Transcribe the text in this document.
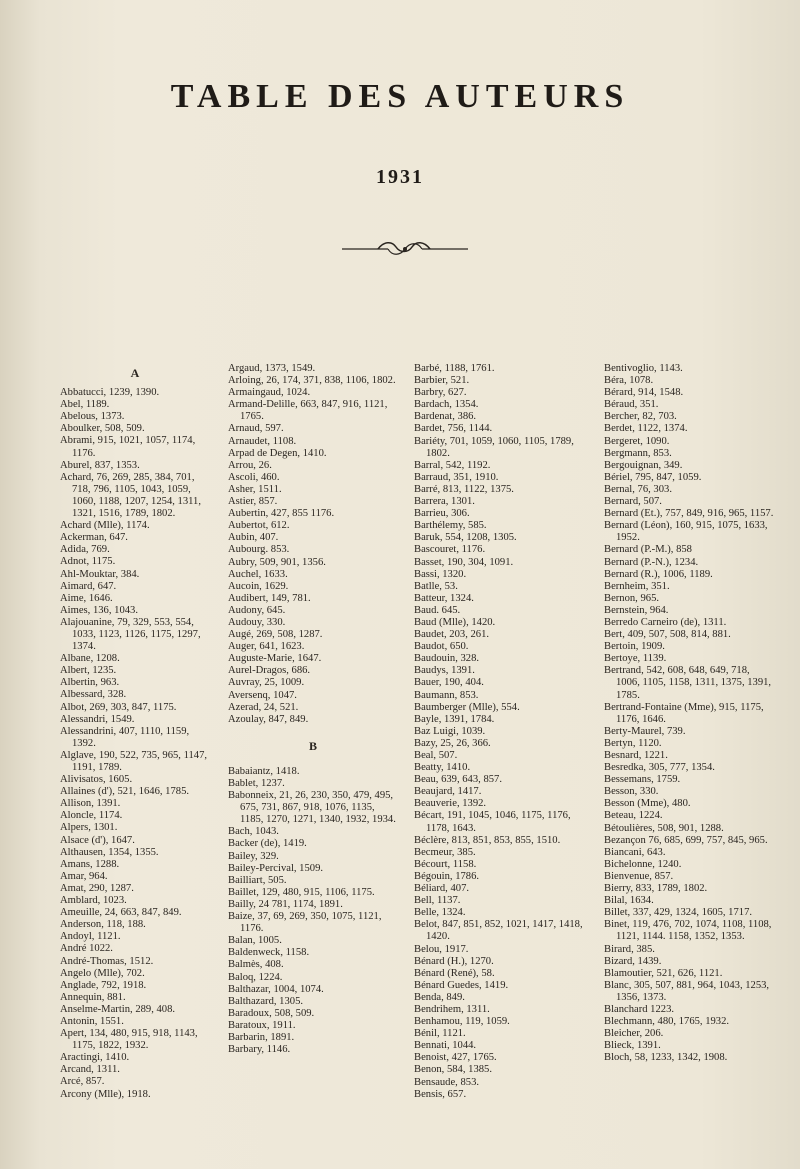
TABLE DES AUTEURS
1931
A
Abbatucci, 1239, 1390.
Abel, 1189.
Abelous, 1373.
Aboulker, 508, 509.
Abrami, 915, 1021, 1057, 1174, 1176.
Aburel, 837, 1353.
Achard, 76, 269, 285, 384, 701, 718, 796, 1105, 1043, 1059, 1060, 1188, 1207, 1254, 1311, 1321, 1516, 1789, 1802.
Achard (Mlle), 1174.
Ackerman, 647.
Adida, 769.
Adnot, 1175.
Ahl-Mouktar, 384.
Aimard, 647.
Aime, 1646.
Aimes, 136, 1043.
Alajouanine, 79, 329, 553, 554, 1033, 1123, 1126, 1175, 1297, 1374.
Albane, 1208.
Albert, 1235.
Albertin, 963.
Albessard, 328.
Albot, 269, 303, 847, 1175.
Alessandri, 1549.
Alessandrini, 407, 1110, 1159, 1392.
Alglave, 190, 522, 735, 965, 1147, 1191, 1789.
Alivisatos, 1605.
Allaines (d'), 521, 1646, 1785.
Allison, 1391.
Aloncle, 1174.
Alpers, 1301.
Alsace (d'), 1647.
Althausen, 1354, 1355.
Amans, 1288.
Amar, 964.
Amat, 290, 1287.
Amblard, 1023.
Ameuille, 24, 663, 847, 849.
Anderson, 118, 188.
Andoyl, 1121.
André 1022.
André-Thomas, 1512.
Angelo (Mlle), 702.
Anglade, 792, 1918.
Annequin, 881.
Anselme-Martin, 289, 408.
Antonin, 1551.
Apert, 134, 480, 915, 918, 1143, 1175, 1822, 1932.
Aractingi, 1410.
Arcand, 1311.
Arcé, 857.
Arcony (Mlle), 1918.
Argaud, 1373, 1549.
Arloing, 26, 174, 371, 838, 1106, 1802.
Armaingaud, 1024.
Armand-Delille, 663, 847, 916, 1121, 1765.
Arnaud, 597.
Arnaudet, 1108.
Arpad de Degen, 1410.
Arrou, 26.
Ascoli, 460.
Asher, 1511.
Astier, 857.
Aubertin, 427, 855 1176.
Aubertot, 612.
Aubin, 407.
Aubourg. 853.
Aubry, 509, 901, 1356.
Auchel, 1633.
Aucoin, 1629.
Audibert, 149, 781.
Audony, 645.
Audouy, 330.
Augé, 269, 508, 1287.
Auger, 641, 1623.
Auguste-Marie, 1647.
Aurel-Dragos, 686.
Auvray, 25, 1009.
Aversenq, 1047.
Azerad, 24, 521.
Azoulay, 847, 849.
B
Babaiantz, 1418.
Bablet, 1237.
Babonneix, 21, 26, 230, 350, 479, 495, 675, 731, 867, 918, 1076, 1135, 1185, 1270, 1271, 1340, 1932, 1934.
Bach, 1043.
Backer (de), 1419.
Bailey, 329.
Bailey-Percival, 1509.
Bailliart, 505.
Baillet, 129, 480, 915, 1106, 1175.
Bailly, 24 781, 1174, 1891.
Baize, 37, 69, 269, 350, 1075, 1121, 1176.
Balan, 1005.
Baldenweck, 1158.
Balmès, 408.
Baloq, 1224.
Balthazar, 1004, 1074.
Balthazard, 1305.
Baradoux, 508, 509.
Baratoux, 1911.
Barbarin, 1891.
Barbary, 1146.
Barbé, 1188, 1761.
Barbier, 521.
Barbry, 627.
Bardach, 1354.
Bardenat, 386.
Bardet, 756, 1144.
Bariéty, 701, 1059, 1060, 1105, 1789, 1802.
Barral, 542, 1192.
Barraud, 351, 1910.
Barré, 813, 1122, 1375.
Barrera, 1301.
Barrieu, 306.
Barthélemy, 585.
Baruk, 554, 1208, 1305.
Bascouret, 1176.
Basset, 190, 304, 1091.
Bassi, 1320.
Batlle, 53.
Batteur, 1324.
Baud. 645.
Baud (Mlle), 1420.
Baudet, 203, 261.
Baudot, 650.
Baudouin, 328.
Baudys, 1391.
Bauer, 190, 404.
Baumann, 853.
Baumberger (Mlle), 554.
Bayle, 1391, 1784.
Baz Luigi, 1039.
Bazy, 25, 26, 366.
Beal, 507.
Beatty, 1410.
Beau, 639, 643, 857.
Beaujard, 1417.
Beauverie, 1392.
Bécart, 191, 1045, 1046, 1175, 1176, 1178, 1643.
Béclère, 813, 851, 853, 855, 1510.
Becmeur, 385.
Bécourt, 1158.
Bégouin, 1786.
Béliard, 407.
Bell, 1137.
Belle, 1324.
Belot, 847, 851, 852, 1021, 1417, 1418, 1420.
Belou, 1917.
Bénard (H.), 1270.
Bénard (René), 58.
Bénard Guedes, 1419.
Benda, 849.
Bendrihem, 1311.
Benhamou, 119, 1059.
Bénil, 1121.
Bennati, 1044.
Benoist, 427, 1765.
Benon, 584, 1385.
Bensaude, 853.
Bensis, 657.
Bentivoglio, 1143.
Béra, 1078.
Bérard, 914, 1548.
Béraud, 351.
Bercher, 82, 703.
Berdet, 1122, 1374.
Bergeret, 1090.
Bergmann, 853.
Bergouignan, 349.
Bériel, 795, 847, 1059.
Bernal, 76, 303.
Bernard, 507.
Bernard (Et.), 757, 849, 916, 965, 1157.
Bernard (Léon), 160, 915, 1075, 1633, 1952.
Bernard (P.-M.), 858
Bernard (P.-N.), 1234.
Bernard (R.), 1006, 1189.
Bernheim, 351.
Bernon, 965.
Bernstein, 964.
Berredo Carneiro (de), 1311.
Bert, 409, 507, 508, 814, 881.
Bertoin, 1909.
Bertoye, 1139.
Bertrand, 542, 608, 648, 649, 718, 1006, 1105, 1158, 1311, 1375, 1391, 1785.
Bertrand-Fontaine (Mme), 915, 1175, 1176, 1646.
Berty-Maurel, 739.
Bertyn, 1120.
Besnard, 1221.
Besredka, 305, 777, 1354.
Bessemans, 1759.
Besson, 330.
Besson (Mme), 480.
Beteau, 1224.
Bétoulières, 508, 901, 1288.
Bezançon 76, 685, 699, 757, 845, 965.
Biancani, 643.
Bichelonne, 1240.
Bienvenue, 857.
Bierry, 833, 1789, 1802.
Bilal, 1634.
Billet, 337, 429, 1324, 1605, 1717.
Binet, 119, 476, 702, 1074, 1108, 1108, 1121, 1144. 1158, 1352, 1353.
Birard, 385.
Bizard, 1439.
Blamoutier, 521, 626, 1121.
Blanc, 305, 507, 881, 964, 1043, 1253, 1356, 1373.
Blanchard 1223.
Blechmann, 480, 1765, 1932.
Bleicher, 206.
Blieck, 1391.
Bloch, 58, 1233, 1342, 1908.
